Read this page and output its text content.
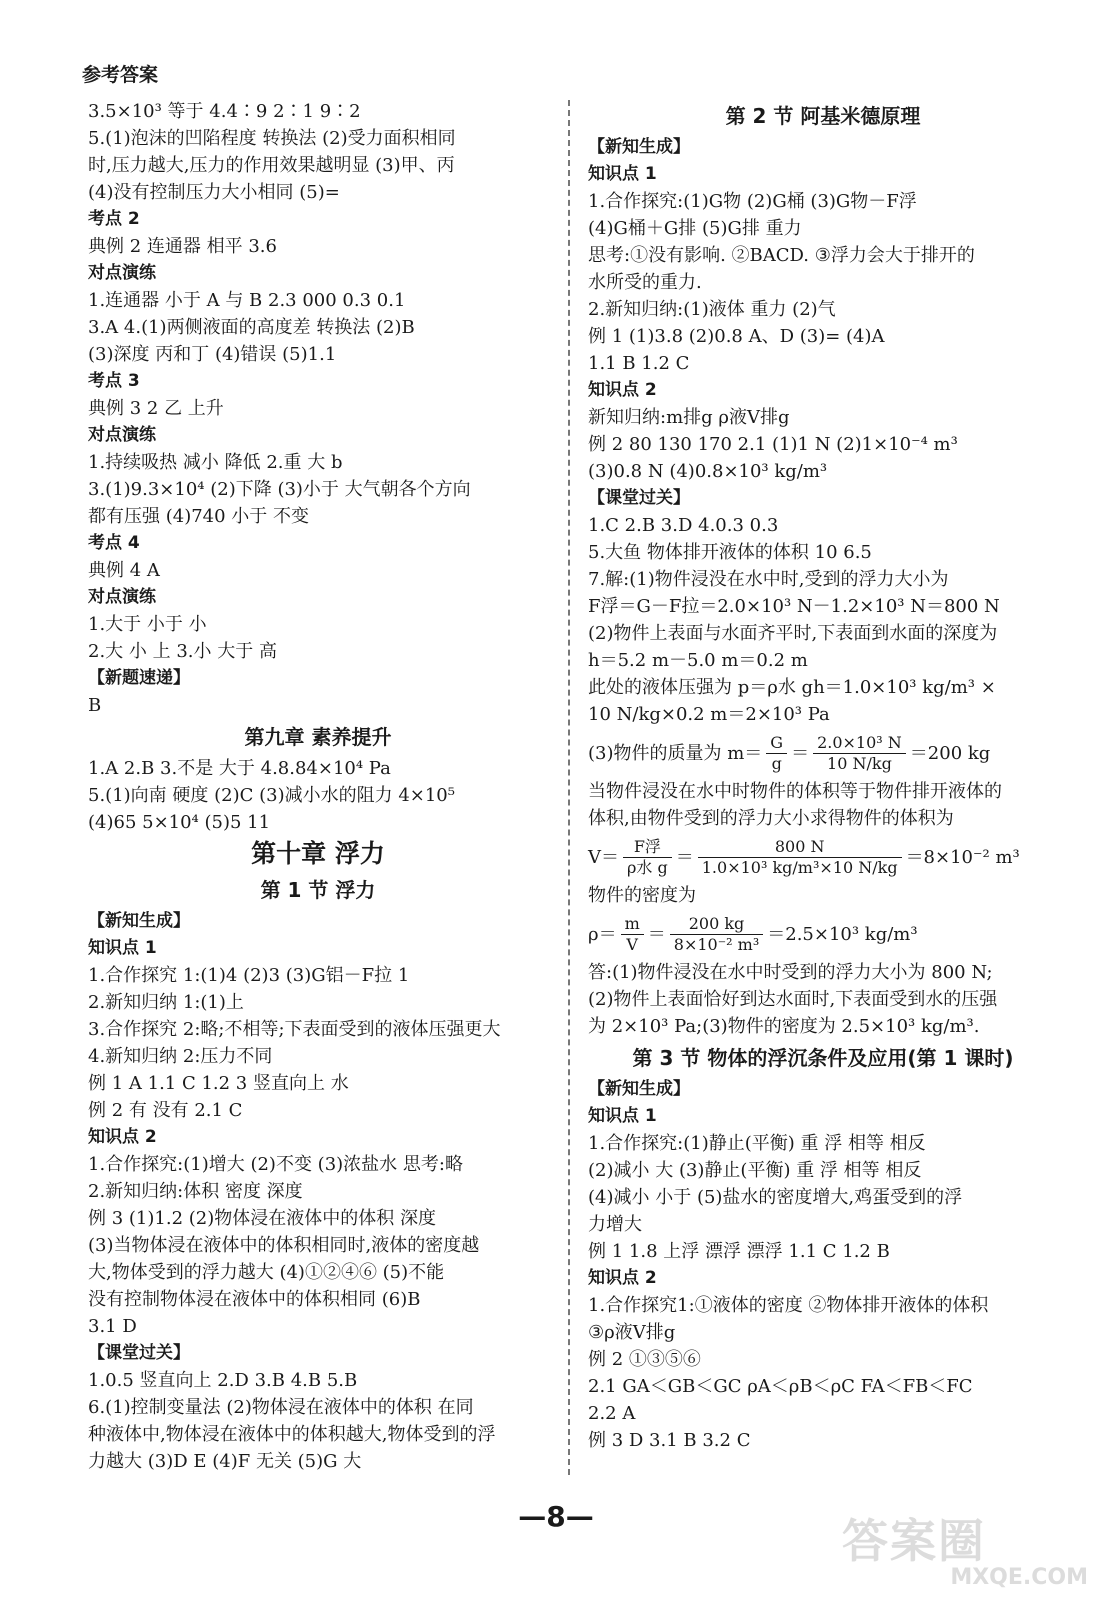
参考答案
3.5×10³ 等于 4.4∶9 2∶1 9∶2
5.(1)泡沫的凹陷程度 转换法 (2)受力面积相同
时,压力越大,压力的作用效果越明显 (3)甲、丙
(4)没有控制压力大小相同 (5)=
考点 2
典例 2 连通器 相平 3.6
对点演练
1.连通器 小于 A 与 B 2.3 000 0.3 0.1
3.A 4.(1)两侧液面的高度差 转换法 (2)B
(3)深度 丙和丁 (4)错误 (5)1.1
考点 3
典例 3 2 乙 上升
对点演练
1.持续吸热 减小 降低 2.重 大 b
3.(1)9.3×10⁴ (2)下降 (3)小于 大气朝各个方向
都有压强 (4)740 小于 不变
考点 4
典例 4 A
对点演练
1.大于 小于 小
2.大 小 上 3.小 大于 高
【新题速递】
B
第九章 素养提升
1.A 2.B 3.不是 大于 4.8.84×10⁴ Pa
5.(1)向南 硬度 (2)C (3)减小水的阻力 4×10⁵
(4)65 5×10⁴ (5)5 11
第十章 浮力
第 1 节 浮力
【新知生成】
知识点 1
1.合作探究 1:(1)4 (2)3 (3)G铝－F拉 1
2.新知归纳 1:(1)上
3.合作探究 2:略;不相等;下表面受到的液体压强更大
4.新知归纳 2:压力不同
例 1 A 1.1 C 1.2 3 竖直向上 水
例 2 有 没有 2.1 C
知识点 2
1.合作探究:(1)增大 (2)不变 (3)浓盐水 思考:略
2.新知归纳:体积 密度 深度
例 3 (1)1.2 (2)物体浸在液体中的体积 深度
(3)当物体浸在液体中的体积相同时,液体的密度越
大,物体受到的浮力越大 (4)①②④⑥ (5)不能
没有控制物体浸在液体中的体积相同 (6)B
3.1 D
【课堂过关】
1.0.5 竖直向上 2.D 3.B 4.B 5.B
6.(1)控制变量法 (2)物体浸在液体中的体积 在同
种液体中,物体浸在液体中的体积越大,物体受到的浮
力越大 (3)D E (4)F 无关 (5)G 大
第 2 节 阿基米德原理
【新知生成】
知识点 1
1.合作探究:(1)G物 (2)G桶 (3)G物－F浮
(4)G桶＋G排 (5)G排 重力
思考:①没有影响. ②BACD. ③浮力会大于排开的
水所受的重力.
2.新知归纳:(1)液体 重力 (2)气
例 1 (1)3.8 (2)0.8 A、D (3)= (4)A
1.1 B 1.2 C
知识点 2
新知归纳:m排g ρ液V排g
例 2 80 130 170 2.1 (1)1 N (2)1×10⁻⁴ m³
(3)0.8 N (4)0.8×10³ kg/m³
【课堂过关】
1.C 2.B 3.D 4.0.3 0.3
5.大鱼 物体排开液体的体积 10 6.5
7.解:(1)物件浸没在水中时,受到的浮力大小为
F浮＝G－F拉＝2.0×10³ N－1.2×10³ N＝800 N
(2)物件上表面与水面齐平时,下表面到水面的深度为
h＝5.2 m－5.0 m＝0.2 m
此处的液体压强为 p＝ρ水 gh＝1.0×10³ kg/m³ ×
10 N/kg×0.2 m＝2×10³ Pa
(3)物件的质量为 $m= \frac{G}{g} = \frac{\text{2.0×10³ N}}{10 N/kg} =200$ kg
当物件浸没在水中时物件的体积等于物件排开液体的
体积,由物件受到的浮力大小求得物件的体积为
$V= \frac{\text{F浮}}{\text{ρ水 g}} = \frac{800 N}{\text{1.0×10³ kg/m³×10 N/kg}} =8\times 10^{-2}$ m³
物件的密度为
$\rho= \frac{m}{V} = \frac{200 kg}{\text{8×10⁻² m³}} =2.5\times 10^3$ kg/m³
答:(1)物件浸没在水中时受到的浮力大小为 800 N;
(2)物件上表面恰好到达水面时,下表面受到水的压强
为 2×10³ Pa;(3)物件的密度为 2.5×10³ kg/m³.
第 3 节 物体的浮沉条件及应用(第 1 课时)
【新知生成】
知识点 1
1.合作探究:(1)静止(平衡) 重 浮 相等 相反
(2)减小 大 (3)静止(平衡) 重 浮 相等 相反
(4)减小 小于 (5)盐水的密度增大,鸡蛋受到的浮
力增大
例 1 1.8 上浮 漂浮 漂浮 1.1 C 1.2 B
知识点 2
1.合作探究1:①液体的密度 ②物体排开液体的体积
③ρ液V排g
例 2 ①③⑤⑥
2.1 GA＜GB＜GC ρA＜ρB＜ρC FA＜FB＜FC
2.2 A
例 3 D 3.1 B 3.2 C
—8—	答案圈
MXQE.COM
